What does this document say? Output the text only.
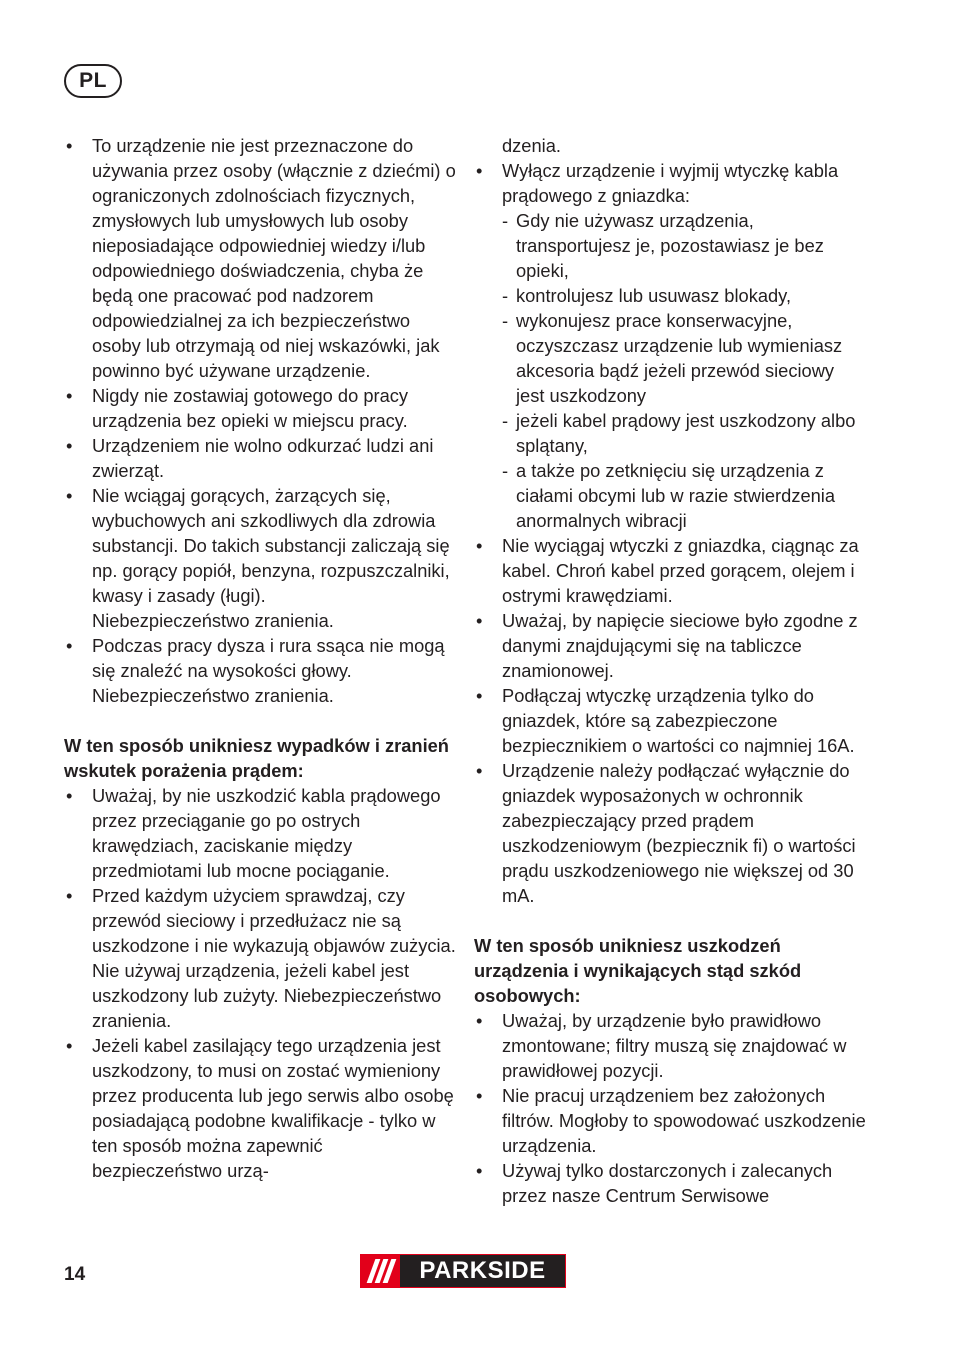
PL
• To urządzenie nie jest przeznaczone do używania przez osoby (włącznie z dziećmi) o ograniczonych zdolnościach fizycznych, zmysłowych lub umysłowych lub osoby nieposiadające odpowiedniej wiedzy i/lub odpowiedniego doświadczenia, chyba że będą one pracować pod nadzorem odpowiedzialnej za ich bezpieczeństwo osoby lub otrzymają od niej wskazówki, jak powinno być używane urządzenie.
• Nigdy nie zostawiaj gotowego do pracy urządzenia bez opieki w miejscu pracy.
• Urządzeniem nie wolno odkurzać ludzi ani zwierząt.
• Nie wciągaj gorących, żarzących się, wybuchowych ani szkodliwych dla zdrowia substancji. Do takich substancji zaliczają się np. gorący popiół, benzyna, rozpuszczalniki, kwasy i zasady (ługi).
Niebezpieczeństwo zranienia.
• Podczas pracy dysza i rura ssąca nie mogą się znaleźć na wysokości głowy. Niebezpieczeństwo zranienia.
W ten sposób unikniesz wypadków i zranień wskutek porażenia prądem:
• Uważaj, by nie uszkodzić kabla prądowego przez przeciąganie go po ostrych krawędziach, zaciskanie między przedmiotami lub mocne pociąganie.
• Przed każdym użyciem sprawdzaj, czy przewód sieciowy i przedłużacz nie są uszkodzone i nie wykazują objawów zużycia. Nie używaj urządzenia, jeżeli kabel jest uszkodzony lub zużyty. Niebezpieczeństwo zranienia.
• Jeżeli kabel zasilający tego urządzenia jest uszkodzony, to musi on zostać wymieniony przez producenta lub jego serwis albo osobę posiadającą podobne kwalifikacje - tylko w ten sposób można zapewnić bezpieczeństwo urzą-
dzenia.
• Wyłącz urządzenie i wyjmij wtyczkę kabla prądowego z gniazdka:
- Gdy nie używasz urządzenia, transportujesz je, pozostawiasz je bez opieki,
- kontrolujesz lub usuwasz blokady,
- wykonujesz prace konserwacyjne, oczyszczasz urządzenie lub wymieniasz akcesoria bądź jeżeli przewód sieciowy jest uszkodzony
- jeżeli kabel prądowy jest uszkodzony albo splątany,
- a także po zetknięciu się urządzenia z ciałami obcymi lub w razie stwierdzenia anormalnych wibracji
• Nie wyciągaj wtyczki z gniazdka, ciągnąc za kabel. Chroń kabel przed gorącem, olejem i ostrymi krawędziami.
• Uważaj, by napięcie sieciowe było zgodne z danymi znajdującymi się na tabliczce znamionowej.
• Podłączaj wtyczkę urządzenia tylko do gniazdek, które są zabezpieczone bezpiecznikiem o wartości co najmniej 16A.
• Urządzenie należy podłączać wyłącznie do gniazdek wyposażonych w ochronnik zabezpieczający przed prądem uszkodzeniowym (bezpiecznik fi) o wartości prądu uszkodzeniowego nie większej od 30 mA.
W ten sposób unikniesz uszkodzeń urządzenia i wynikających stąd szkód osobowych:
• Uważaj, by urządzenie było prawidłowo zmontowane; filtry muszą się znajdować w prawidłowej pozycji.
• Nie pracuj urządzeniem bez założonych filtrów. Mogłoby to spowodować uszkodzenie urządzenia.
• Używaj tylko dostarczonych i zalecanych przez nasze Centrum Serwisowe
14	PARKSIDE
